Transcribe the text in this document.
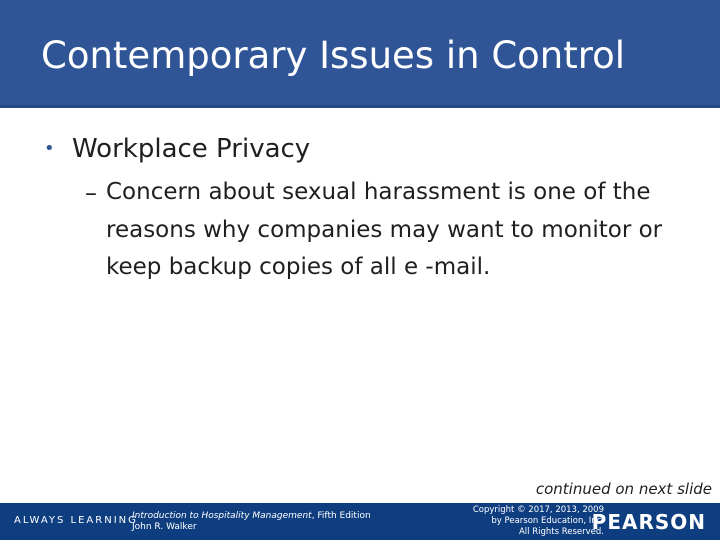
Contemporary Issues in Control
• Workplace Privacy
– Concern about sexual harassment is one of the reasons why companies may want to monitor or keep backup copies of all e -mail.

continued on next slide
ALWAYS LEARNING
Introduction to Hospitality Management, Fifth Edition
John R. Walker
Copyright © 2017, 2013, 2009
by Pearson Education, Inc.
All Rights Reserved.
PEARSON
